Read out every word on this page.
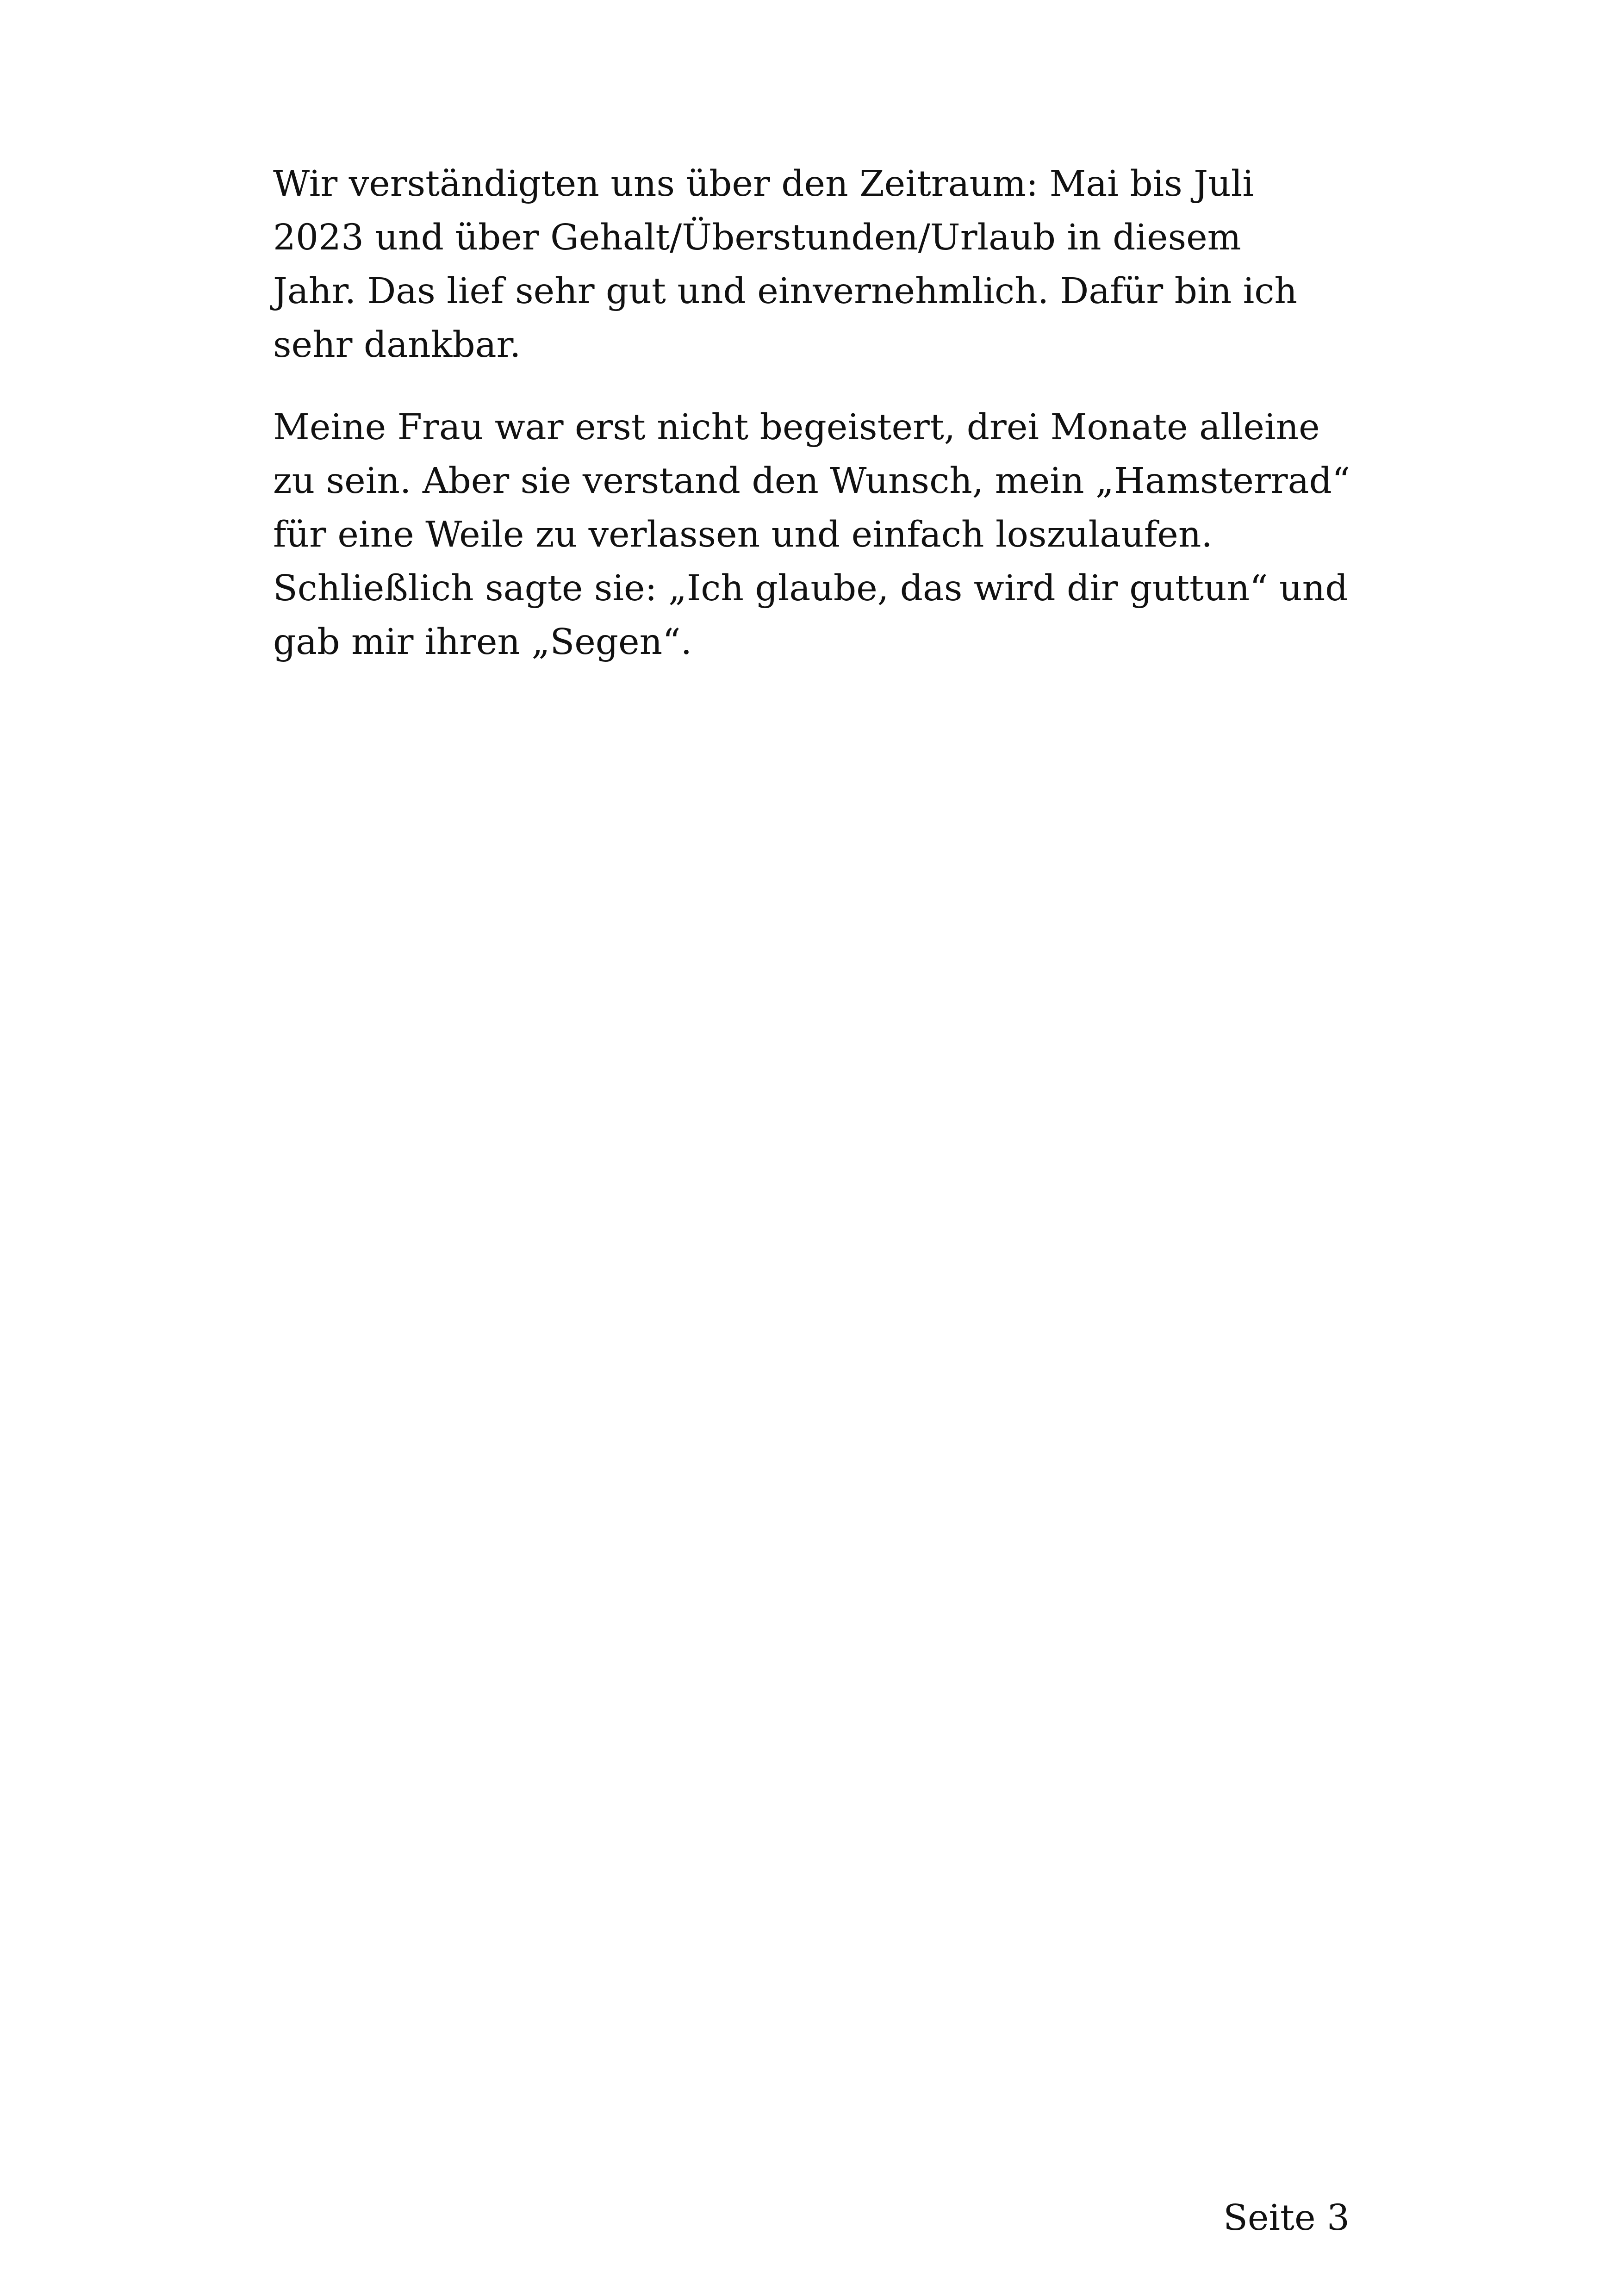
Wir verständigten uns über den Zeitraum: Mai bis Juli
2023 und über Gehalt/Überstunden/Urlaub in diesem
Jahr. Das lief sehr gut und einvernehmlich. Dafür bin ich
sehr dankbar.

Meine Frau war erst nicht begeistert, drei Monate alleine
zu sein. Aber sie verstand den Wunsch, mein „Hamsterrad“
für eine Weile zu verlassen und einfach loszulaufen.
Schließlich sagte sie: „Ich glaube, das wird dir guttun“ und
gab mir ihren „Segen“.

Seite 3
